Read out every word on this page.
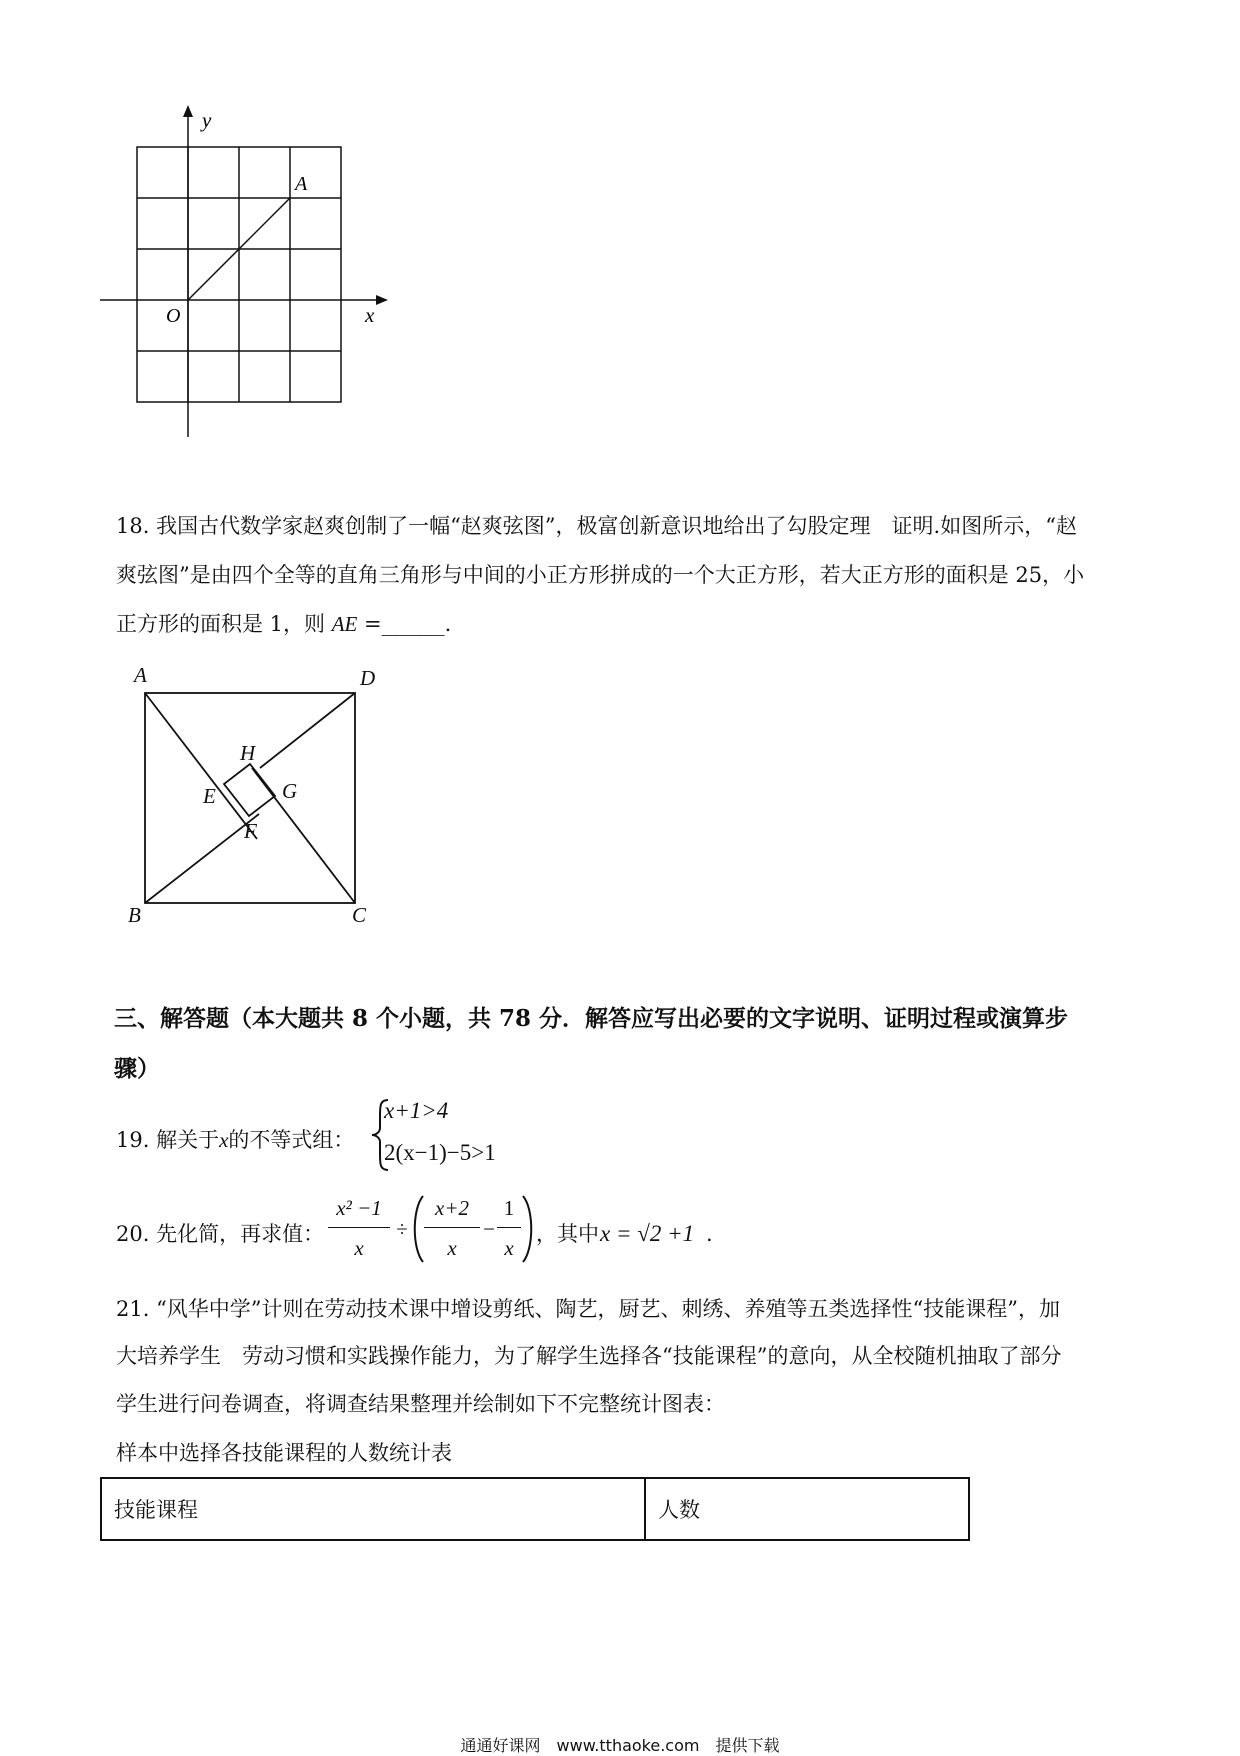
y
A
O	x
18. 我国古代数学家赵爽创制了一幅“赵爽弦图”，极富创新意识地给出了勾股定理　证明.如图所示，“赵
爽弦图”是由四个全等的直角三角形与中间的小正方形拼成的一个大正方形，若大正方形的面积是 25，小
正方形的面积是 1，则 AE =______.
A	D
H
E	G
F
B	C
三、解答题（本大题共 8 个小题，共 78 分．解答应写出必要的文字说明、证明过程或演算步
骤）
19. 解关于x的不等式组：
x+1>4
2(x−1)−5>1
20. 先化简，再求值：
x² −1
x
÷
x+2
x
−
1
x
，其中 x = √2 +1 .
21. “风华中学”计则在劳动技术课中增设剪纸、陶艺，厨艺、刺绣、养殖等五类选择性“技能课程”，加
大培养学生　劳动习惯和实践操作能力，为了解学生选择各“技能课程”的意向，从全校随机抽取了部分
学生进行问卷调查，将调查结果整理并绘制如下不完整统计图表：
样本中选择各技能课程的人数统计表
技能课程	人数
通通好课网　www.tthaoke.com　提供下载
